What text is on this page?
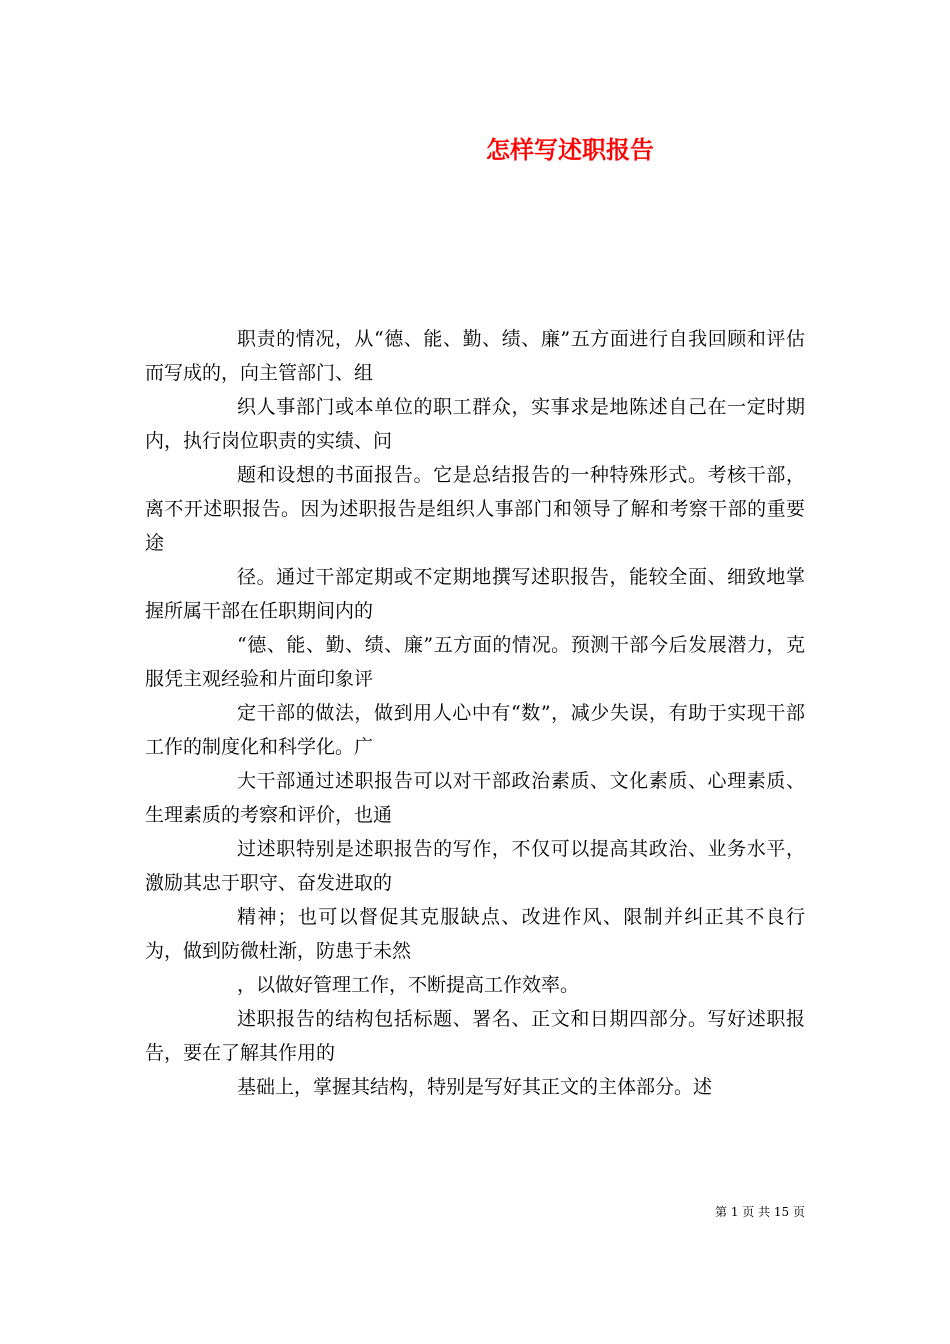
怎样写述职报告

职责的情况，从“德、能、勤、绩、廉”五方面进行自我回顾和评估而写成的，向主管部门、组

织人事部门或本单位的职工群众，实事求是地陈述自己在一定时期内，执行岗位职责的实绩、问

题和设想的书面报告。它是总结报告的一种特殊形式。考核干部，离不开述职报告。因为述职报告是组织人事部门和领导了解和考察干部的重要途

径。通过干部定期或不定期地撰写述职报告，能较全面、细致地掌握所属干部在任职期间内的

“德、能、勤、绩、廉”五方面的情况。预测干部今后发展潜力，克服凭主观经验和片面印象评

定干部的做法，做到用人心中有“数”，减少失误，有助于实现干部工作的制度化和科学化。广

大干部通过述职报告可以对干部政治素质、文化素质、心理素质、生理素质的考察和评价，也通

过述职特别是述职报告的写作，不仅可以提高其政治、业务水平，激励其忠于职守、奋发进取的

精神；也可以督促其克服缺点、改进作风、限制并纠正其不良行为，做到防微杜渐，防患于未然

，以做好管理工作，不断提高工作效率。

述职报告的结构包括标题、署名、正文和日期四部分。写好述职报告，要在了解其作用的

基础上，掌握其结构，特别是写好其正文的主体部分。述

第 1 页 共 15 页
